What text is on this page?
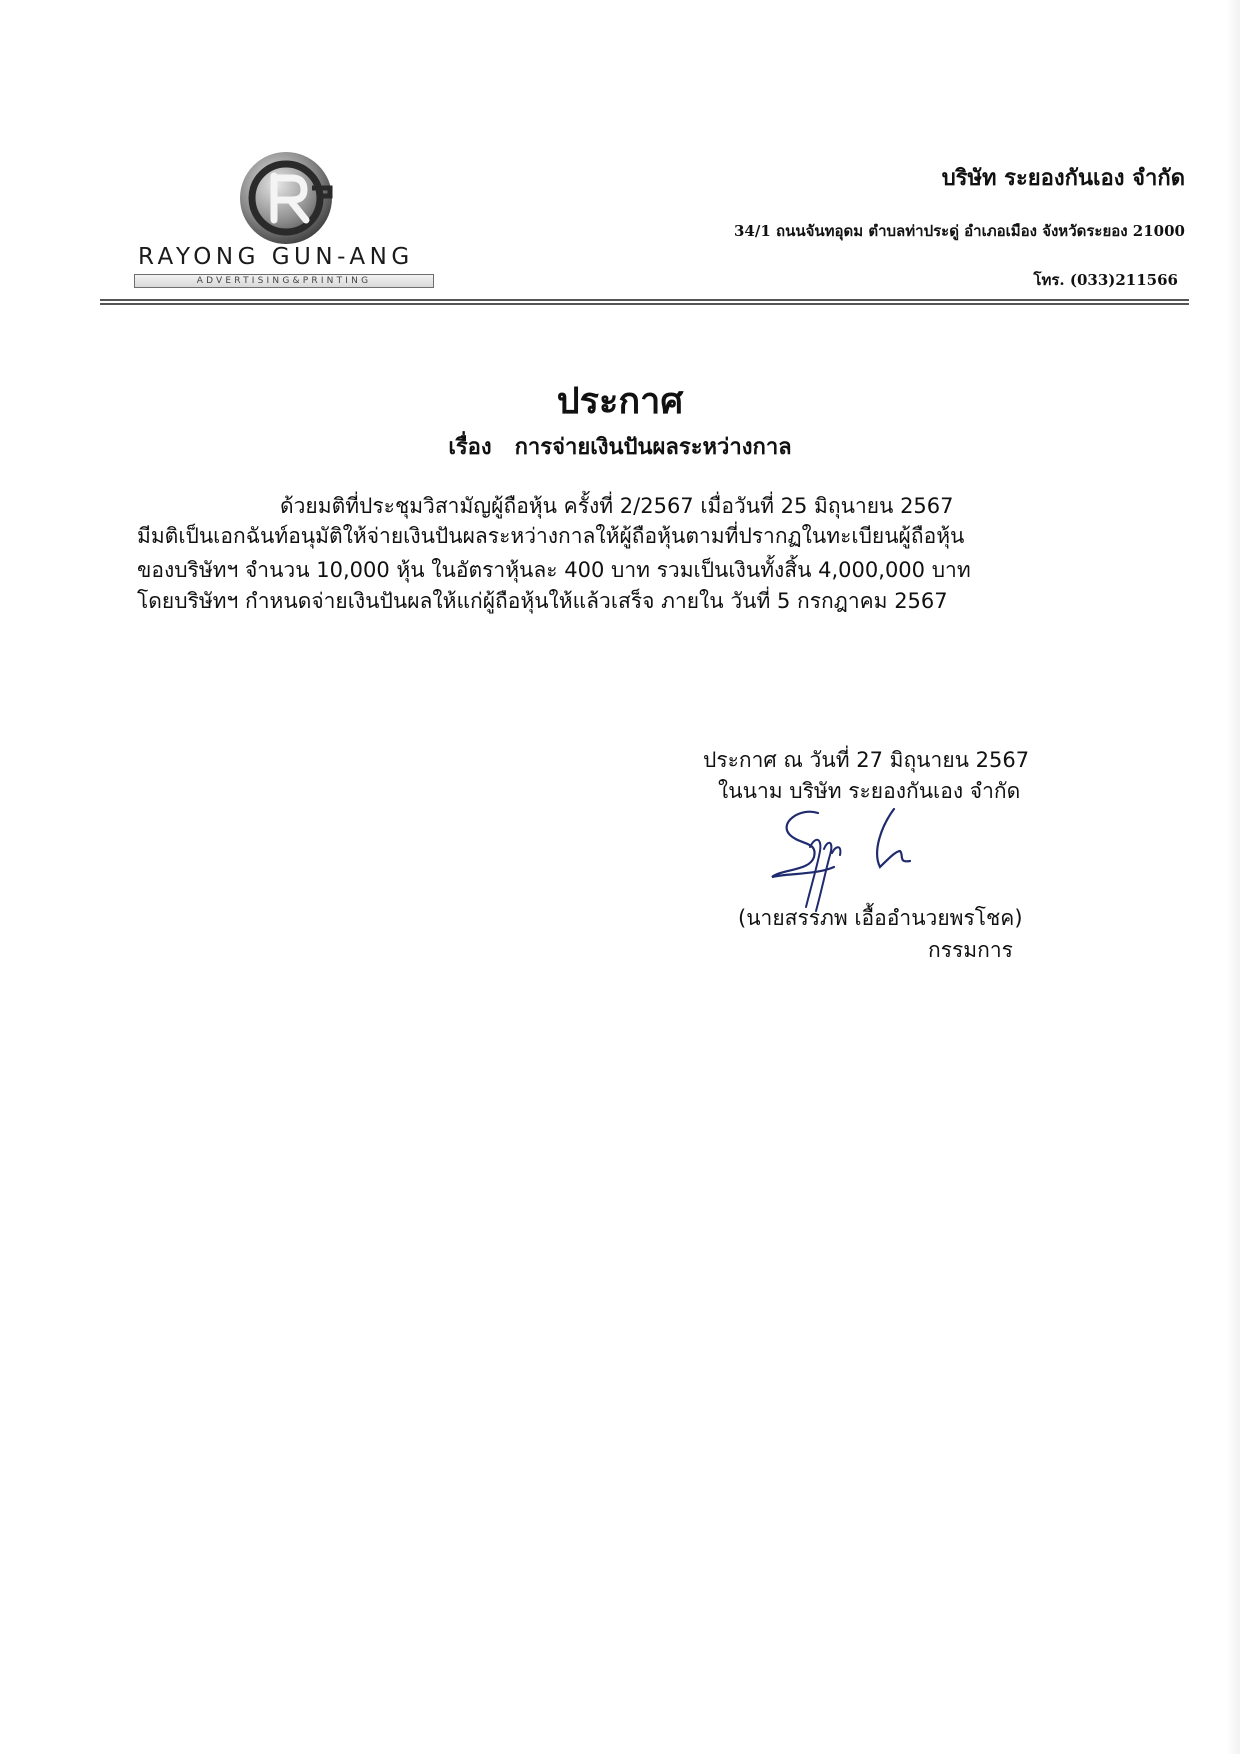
RAYONG GUN-ANG
ADVERTISING&PRINTING
บริษัท ระยองกันเอง จำกัด
34/1 ถนนจันทอุดม ตำบลท่าประดู่ อำเภอเมือง จังหวัดระยอง 21000
โทร. (033)211566
ประกาศ
เรื่อง   การจ่ายเงินปันผลระหว่างกาล
ด้วยมติที่ประชุมวิสามัญผู้ถือหุ้น ครั้งที่ 2/2567 เมื่อวันที่ 25 มิถุนายน 2567
มีมติเป็นเอกฉันท์อนุมัติให้จ่ายเงินปันผลระหว่างกาลให้ผู้ถือหุ้นตามที่ปรากฏในทะเบียนผู้ถือหุ้น
ของบริษัทฯ จำนวน 10,000 หุ้น ในอัตราหุ้นละ 400 บาท รวมเป็นเงินทั้งสิ้น 4,000,000 บาท
โดยบริษัทฯ กำหนดจ่ายเงินปันผลให้แก่ผู้ถือหุ้นให้แล้วเสร็จ ภายใน วันที่ 5 กรกฎาคม 2567
ประกาศ ณ วันที่ 27 มิถุนายน 2567
ในนาม บริษัท ระยองกันเอง จำกัด
(นายสรรภพ เอื้ออำนวยพรโชค)
กรรมการ
